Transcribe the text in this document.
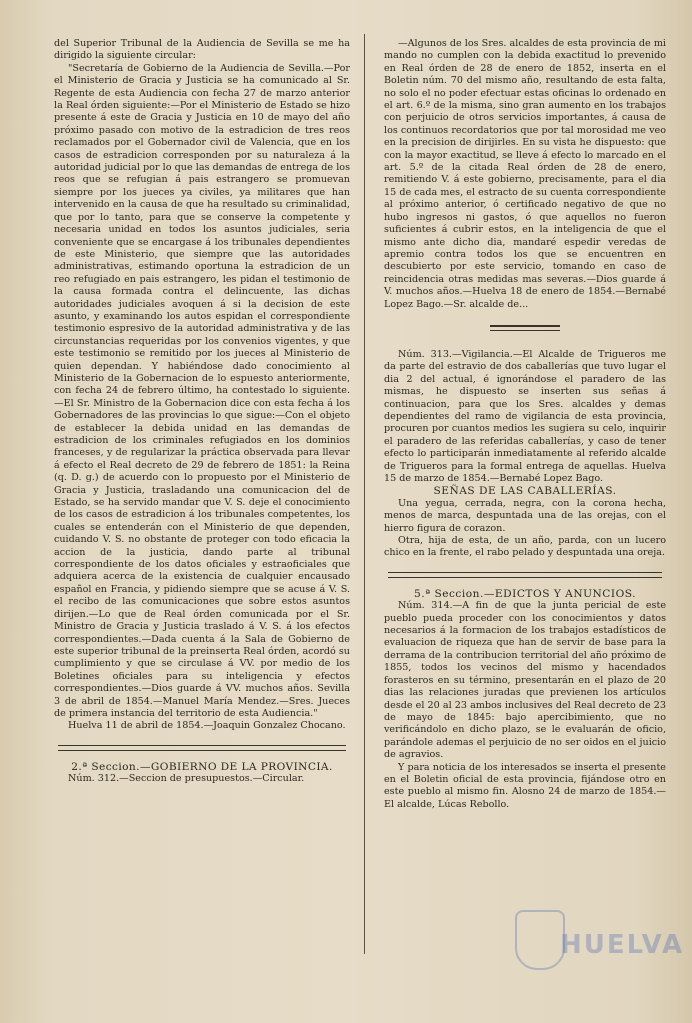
del Superior Tribunal de la Audiencia de Sevilla se me ha dirigido la siguiente circular:

"Secretaría de Gobierno de la Audiencia de Sevilla.—Por el Ministerio de Gracia y Justicia se ha comunicado al Sr. Regente de esta Audiencia con fecha 27 de marzo anterior la Real órden siguiente:—Por el Ministerio de Estado se hizo presente á este de Gracia y Justicia en 10 de mayo del año próximo pasado con motivo de la estradicion de tres reos reclamados por el Gobernador civil de Valencia, que en los casos de estradicion corresponden por su naturaleza á la autoridad judicial por lo que las demandas de entrega de los reos que se refugian á pais estrangero se promuevan siempre por los jueces ya civiles, ya militares que han intervenido en la causa de que ha resultado su criminalidad, que por lo tanto, para que se conserve la competente y necesaria unidad en todos los asuntos judiciales, seria conveniente que se encargase á los tribunales dependientes de este Ministerio, que siempre que las autoridades administrativas, estimando oportuna la estradicion de un reo refugiado en pais estrangero, les pidan el testimonio de la causa formada contra el delincuente, las dichas autoridades judiciales avoquen á si la decision de este asunto, y examinando los autos espidan el correspondiente testimonio espresivo de la autoridad administrativa y de las circunstancias requeridas por los convenios vigentes, y que este testimonio se remitido por los jueces al Ministerio de quien dependan. Y habiéndose dado conocimiento al Ministerio de la Gobernacion de lo espuesto anteriormente, con fecha 24 de febrero último, ha contestado lo siguiente.—El Sr. Ministro de la Gobernacion dice con esta fecha á los Gobernadores de las provincias lo que sigue:—Con el objeto de establecer la debida unidad en las demandas de estradicion de los criminales refugiados en los dominios franceses, y de regularizar la práctica observada para llevar á efecto el Real decreto de 29 de febrero de 1851: la Reina (q. D. g.) de acuerdo con lo propuesto por el Ministerio de Gracia y Justicia, trasladando una comunicacion del de Estado, se ha servido mandar que V. S. deje el conocimiento de los casos de estradicion á los tribunales competentes, los cuales se entenderán con el Ministerio de que dependen, cuidando V. S. no obstante de proteger con todo eficacia la accion de la justicia, dando parte al tribunal correspondiente de los datos oficiales y estraoficiales que adquiera acerca de la existencia de cualquier encausado español en Francia, y pidiendo siempre que se acuse á V. S. el recibo de las comunicaciones que sobre estos asuntos dirijen.—Lo que de Real órden comunicada por el Sr. Ministro de Gracia y Justicia traslado á V. S. á los efectos correspondientes.—Dada cuenta á la Sala de Gobierno de este superior tribunal de la preinserta Real órden, acordó su cumplimiento y que se circulase á VV. por medio de los Boletines oficiales para su inteligencia y efectos correspondientes.—Dios guarde á VV. muchos años. Sevilla 3 de abril de 1854.—Manuel María Mendez.—Sres. Jueces de primera instancia del territorio de esta Audiencia."

Huelva 11 de abril de 1854.—Joaquin Gonzalez Chocano.

2.ª Seccion.—GOBIERNO DE LA PROVINCIA.

Núm. 312.—Seccion de presupuestos.—Circular.

—Algunos de los Sres. alcaldes de esta provincia de mi mando no cumplen con la debida exactitud lo prevenido en Real órden de 28 de enero de 1852, inserta en el Boletin núm. 70 del mismo año, resultando de esta falta, no solo el no poder efectuar estas oficinas lo ordenado en el art. 6.º de la misma, sino gran aumento en los trabajos con perjuicio de otros servicios importantes, á causa de los continuos recordatorios que por tal morosidad me veo en la precision de dirijirles. En su vista he dispuesto: que con la mayor exactitud, se lleve á efecto lo marcado en el art. 5.º de la citada Real órden de 28 de enero, remitiendo V. á este gobierno, precisamente, para el dia 15 de cada mes, el estracto de su cuenta correspondiente al próximo anterior, ó certificado negativo de que no hubo ingresos ni gastos, ó que aquellos no fueron suficientes á cubrir estos, en la inteligencia de que el mismo ante dicho dia, mandaré espedir veredas de apremio contra todos los que se encuentren en descubierto por este servicio, tomando en caso de reincidencia otras medidas mas severas.—Dios guarde á V. muchos años.—Huelva 18 de enero de 1854.—Bernabé Lopez Bago.—Sr. alcalde de...

Núm. 313.—Vigilancia.—El Alcalde de Trigueros me da parte del estravio de dos caballerías que tuvo lugar el dia 2 del actual, é ignorándose el paradero de las mismas, he dispuesto se inserten sus señas á continuacion, para que los Sres. alcaldes y demas dependientes del ramo de vigilancia de esta provincia, procuren por cuantos medios les sugiera su celo, inquirir el paradero de las referidas caballerías, y caso de tener efecto lo participarán inmediatamente al referido alcalde de Trigueros para la formal entrega de aquellas. Huelva 15 de marzo de 1854.—Bernabé Lopez Bago.

SEÑAS DE LAS CABALLERÍAS.

Una yegua, cerrada, negra, con la corona hecha, menos de marca, despuntada una de las orejas, con el hierro figura de corazon.

Otra, hija de esta, de un año, parda, con un lucero chico en la frente, el rabo pelado y despuntada una oreja.

5.ª Seccion.—EDICTOS Y ANUNCIOS.

Núm. 314.—A fin de que la junta pericial de este pueblo pueda proceder con los conocimientos y datos necesarios á la formacion de los trabajos estadísticos de evaluacion de riqueza que han de servir de base para la derrama de la contribucion territorial del año próximo de 1855, todos los vecinos del mismo y hacendados forasteros en su término, presentarán en el plazo de 20 dias las relaciones juradas que previenen los artículos desde el 20 al 23 ambos inclusives del Real decreto de 23 de mayo de 1845: bajo apercibimiento, que no verificándolo en dicho plazo, se le evaluarán de oficio, parándole ademas el perjuicio de no ser oidos en el juicio de agravios.

Y para noticia de los interesados se inserta el presente en el Boletin oficial de esta provincia, fijándose otro en este pueblo al mismo fin. Alosno 24 de marzo de 1854.—El alcalde, Lúcas Rebollo.

HUELVA
